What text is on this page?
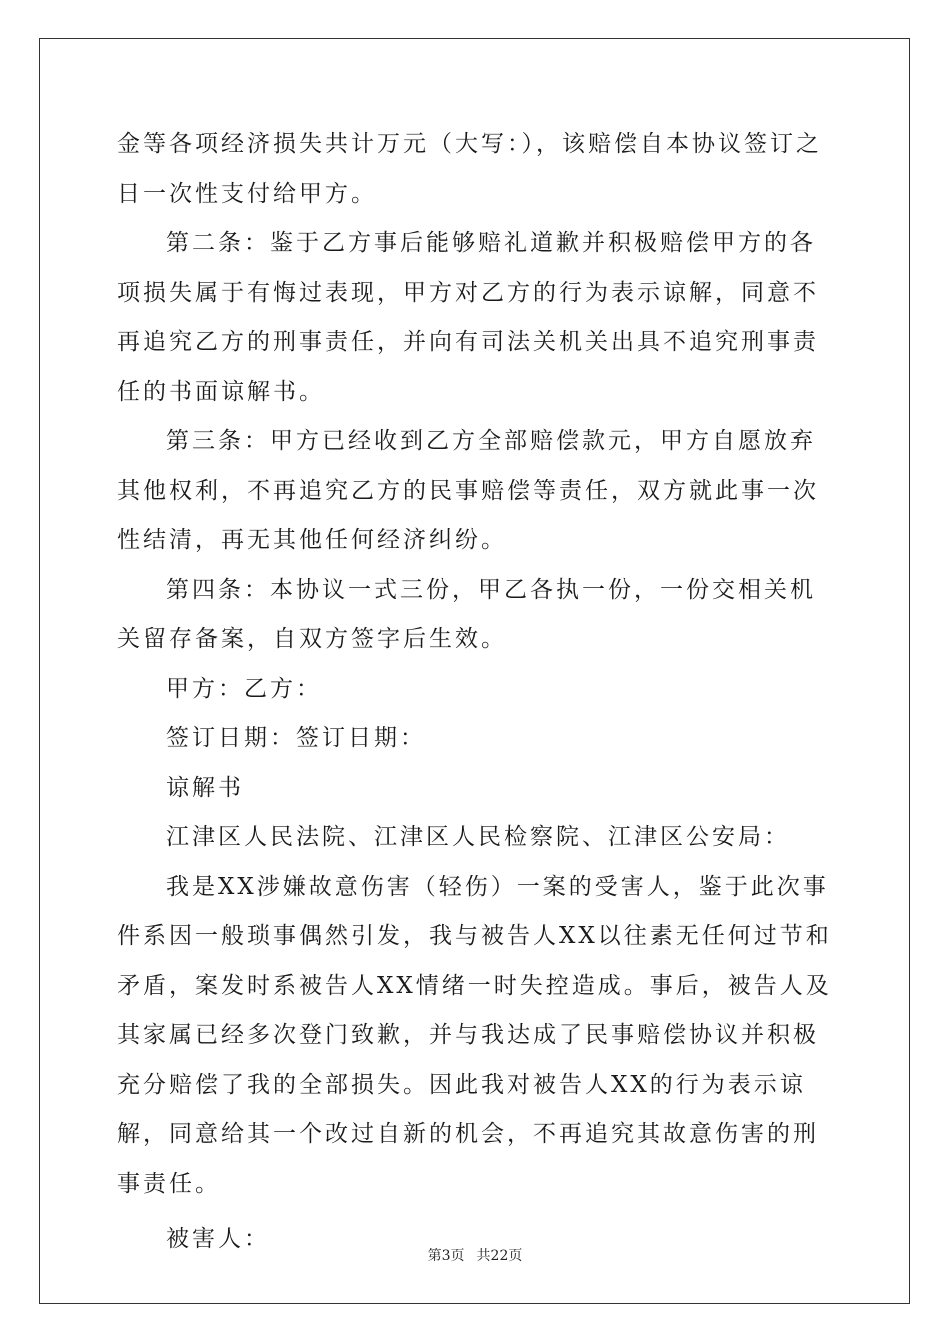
金等各项经济损失共计万元（大写：），该赔偿自本协议签订之日一次性支付给甲方。

第二条：鉴于乙方事后能够赔礼道歉并积极赔偿甲方的各项损失属于有悔过表现，甲方对乙方的行为表示谅解，同意不再追究乙方的刑事责任，并向有司法关机关出具不追究刑事责任的书面谅解书。

第三条：甲方已经收到乙方全部赔偿款元，甲方自愿放弃其他权利，不再追究乙方的民事赔偿等责任，双方就此事一次性结清，再无其他任何经济纠纷。

第四条：本协议一式三份，甲乙各执一份，一份交相关机关留存备案，自双方签字后生效。

甲方：乙方：

签订日期：签订日期：

谅解书

江津区人民法院、江津区人民检察院、江津区公安局：

我是XX涉嫌故意伤害（轻伤）一案的受害人，鉴于此次事件系因一般琐事偶然引发，我与被告人XX以往素无任何过节和矛盾，案发时系被告人XX情绪一时失控造成。事后，被告人及其家属已经多次登门致歉，并与我达成了民事赔偿协议并积极充分赔偿了我的全部损失。因此我对被告人XX的行为表示谅解，同意给其一个改过自新的机会，不再追究其故意伤害的刑事责任。

被害人：

第3页 共22页
